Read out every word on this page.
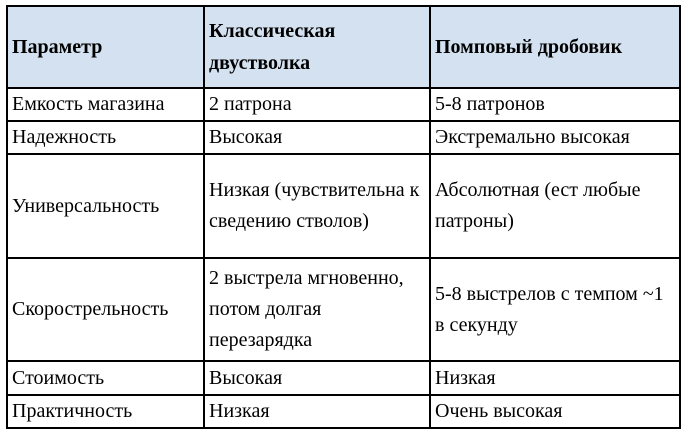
Параметр	Классическая двустволка	Помповый дробовик
Емкость магазина	2 патрона	5-8 патронов
Надежность	Высокая	Экстремально высокая
Универсальность	Низкая (чувствительна к сведению стволов)	Абсолютная (ест любые патроны)
Скорострельность	2 выстрела мгновенно, потом долгая перезарядка	5-8 выстрелов с темпом ~1 в секунду
Стоимость	Высокая	Низкая
Практичность	Низкая	Очень высокая
